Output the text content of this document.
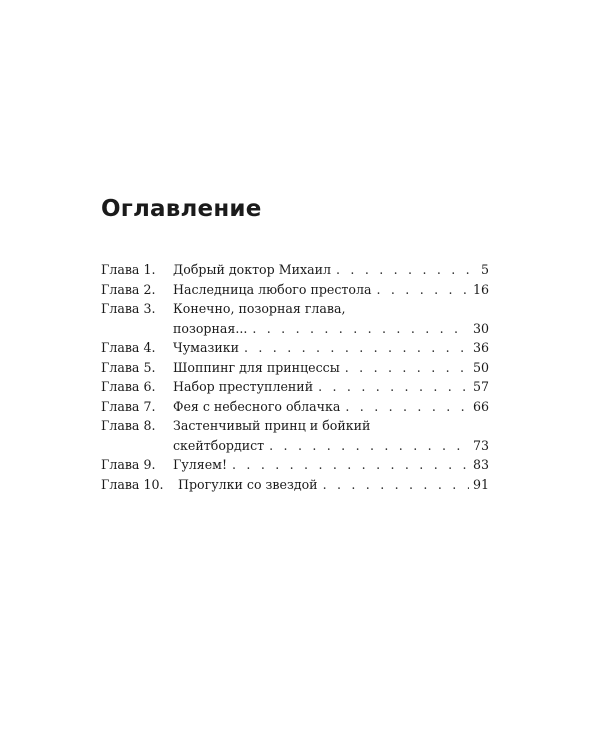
Оглавление
Глава 1.	Добрый доктор Михаил . . .	5
Глава 2.	Наследница любого престола . . .	16
Глава 3.	Конечно, позорная глава,
позорная... . . .	30
Глава 4.	Чумазики . . .	36
Глава 5.	Шоппинг для принцессы . . .	50
Глава 6.	Набор преступлений . . .	57
Глава 7.	Фея с небесного облачка . . .	66
Глава 8.	Застенчивый принц и бойкий
скейтбордист . . .	73
Глава 9.	Гуляем! . . .	83
Глава 10.	Прогулки со звездой . . .	91
